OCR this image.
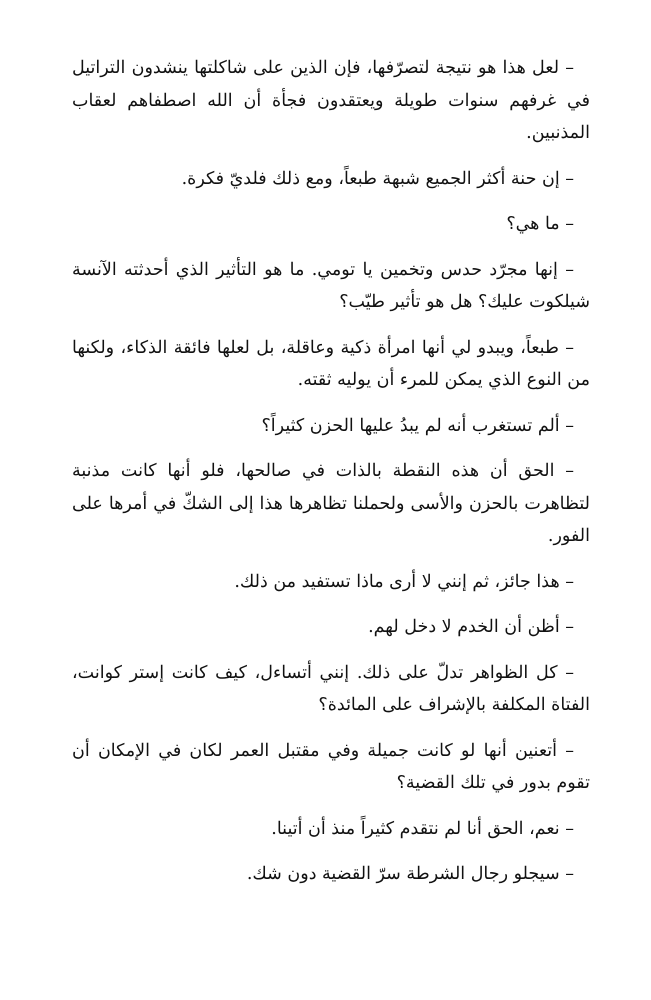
– لعل هذا هو نتيجة لتصرّفها، فإن الذين على شاكلتها ينشدون التراتيل في غرفهم سنوات طويلة ويعتقدون فجأة أن الله اصطفاهم لعقاب المذنبين.

– إن حنة أكثر الجميع شبهة طبعاً، ومع ذلك فلديّ فكرة.

– ما هي؟

– إنها مجرّد حدس وتخمين يا تومي. ما هو التأثير الذي أحدثته الآنسة شيلكوت عليك؟ هل هو تأثير طيّب؟

– طبعاً، ويبدو لي أنها امرأة ذكية وعاقلة، بل لعلها فائقة الذكاء، ولكنها من النوع الذي يمكن للمرء أن يوليه ثقته.

– ألم تستغرب أنه لم يبدُ عليها الحزن كثيراً؟

– الحق أن هذه النقطة بالذات في صالحها، فلو أنها كانت مذنبة لتظاهرت بالحزن والأسى ولحملنا تظاهرها هذا إلى الشكّ في أمرها على الفور.

– هذا جائز، ثم إنني لا أرى ماذا تستفيد من ذلك.

– أظن أن الخدم لا دخل لهم.

– كل الظواهر تدلّ على ذلك. إنني أتساءل، كيف كانت إستر كوانت، الفتاة المكلفة بالإشراف على المائدة؟

– أتعنين أنها لو كانت جميلة وفي مقتبل العمر لكان في الإمكان أن تقوم بدور في تلك القضية؟

– نعم، الحق أنا لم نتقدم كثيراً منذ أن أتينا.

– سيجلو رجال الشرطة سرّ القضية دون شك.
